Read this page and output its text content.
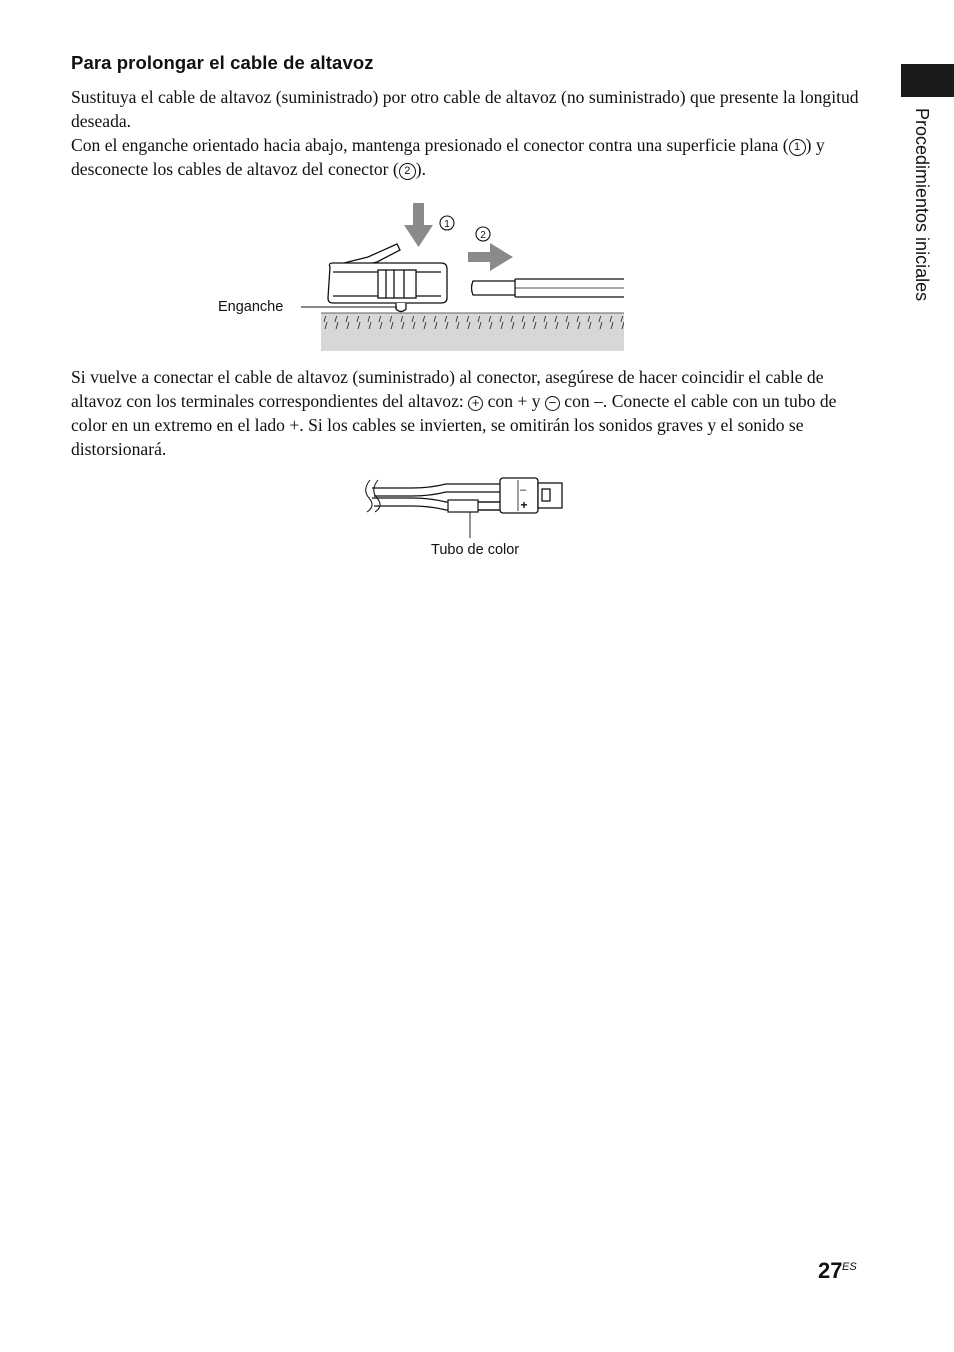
Procedimientos iniciales
Para prolongar el cable de altavoz

Sustituya el cable de altavoz (suministrado) por otro cable de altavoz (no suministrado) que presente la longitud deseada.

Con el enganche orientado hacia abajo, mantenga presionado el conector contra una superficie plana ( 1 ) y desconecte los cables de altavoz del conector ( 2 ).

1
2
Enganche

Si vuelve a conectar el cable de altavoz (suministrado) al conector, asegúrese de hacer coincidir el cable de altavoz con los terminales correspondientes del altavoz: + con + y − con –. Conecte el cable con un tubo de color en un extremo en el lado +. Si los cables se invierten, se omitirán los sonidos graves y el sonido se distorsionará.

–
+
Tubo de color
27 ES
